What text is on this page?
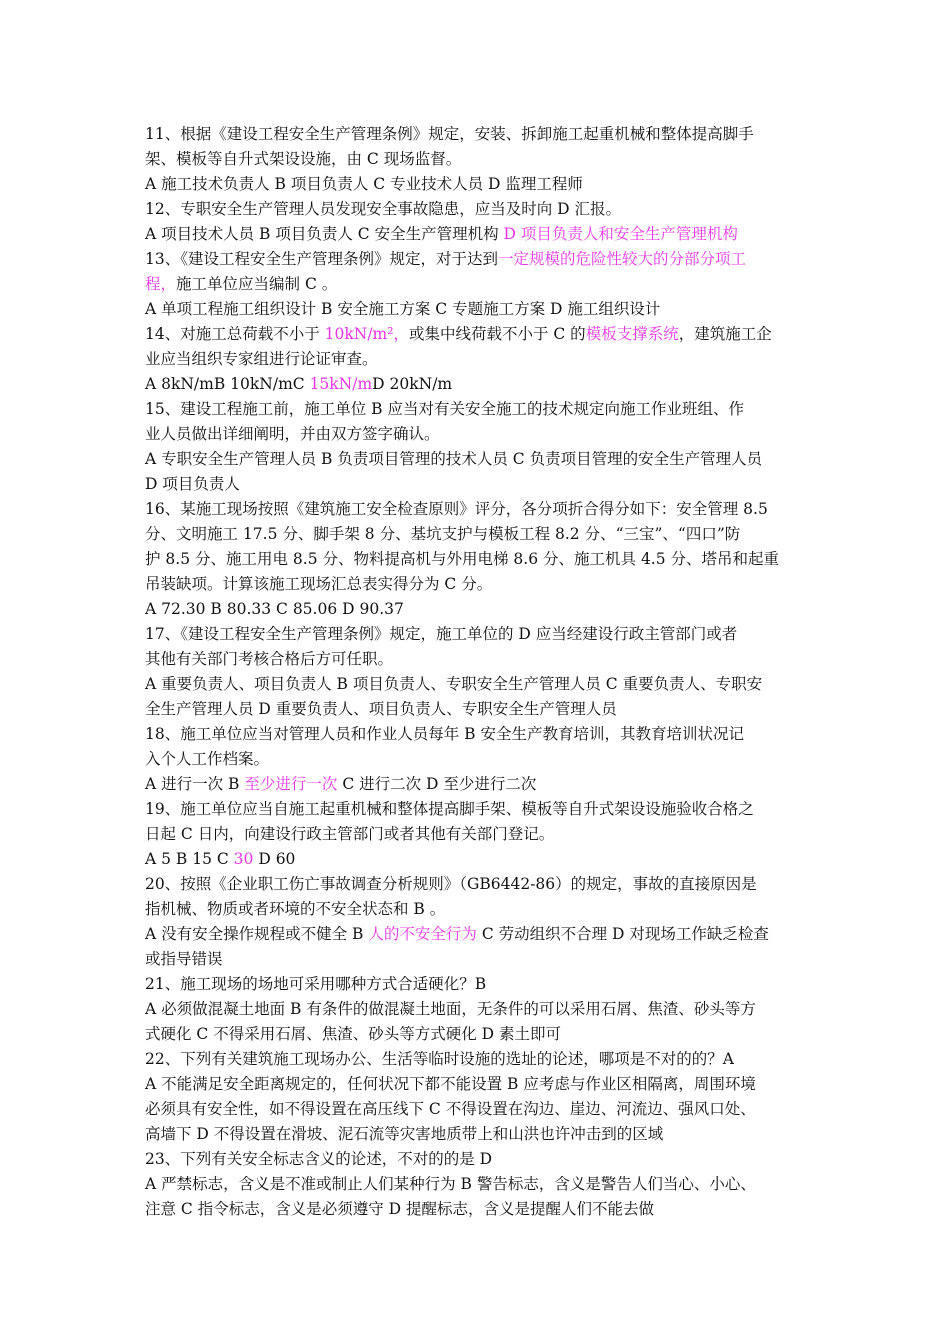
11、根据《建设工程安全生产管理条例》规定，安装、拆卸施工起重机械和整体提高脚手
架、模板等自升式架设设施，由 C 现场监督。
A 施工技术负责人 B 项目负责人 C 专业技术人员 D 监理工程师
12、专职安全生产管理人员发现安全事故隐患，应当及时向 D 汇报。
A 项目技术人员 B 项目负责人 C 安全生产管理机构 D 项目负责人和安全生产管理机构
13、《建设工程安全生产管理条例》规定，对于达到一定规模的危险性较大的分部分项工
程，施工单位应当编制 C 。
A 单项工程施工组织设计 B 安全施工方案 C 专题施工方案 D 施工组织设计
14、对施工总荷载不小于 10kN/m²，或集中线荷载不小于 C 的模板支撑系统，建筑施工企
业应当组织专家组进行论证审查。
A 8kN/mB 10kN/mC 15kN/mD 20kN/m
15、建设工程施工前，施工单位 B 应当对有关安全施工的技术规定向施工作业班组、作
业人员做出详细阐明，并由双方签字确认。
A 专职安全生产管理人员 B 负责项目管理的技术人员 C 负责项目管理的安全生产管理人员
D 项目负责人
16、某施工现场按照《建筑施工安全检查原则》评分，各分项折合得分如下：安全管理 8.5
分、文明施工 17.5 分、脚手架 8 分、基坑支护与模板工程 8.2 分、“三宝”、“四口”防
护 8.5 分、施工用电 8.5 分、物料提高机与外用电梯 8.6 分、施工机具 4.5 分、塔吊和起重
吊装缺项。计算该施工现场汇总表实得分为 C 分。
A 72.30 B 80.33 C 85.06 D 90.37
17、《建设工程安全生产管理条例》规定，施工单位的 D 应当经建设行政主管部门或者
其他有关部门考核合格后方可任职。
A 重要负责人、项目负责人 B 项目负责人、专职安全生产管理人员 C 重要负责人、专职安
全生产管理人员 D 重要负责人、项目负责人、专职安全生产管理人员
18、施工单位应当对管理人员和作业人员每年 B 安全生产教育培训，其教育培训状况记
入个人工作档案。
A 进行一次 B 至少进行一次 C 进行二次 D 至少进行二次
19、施工单位应当自施工起重机械和整体提高脚手架、模板等自升式架设设施验收合格之
日起 C 日内，向建设行政主管部门或者其他有关部门登记。
A 5 B 15 C 30 D 60
20、按照《企业职工伤亡事故调查分析规则》（GB6442-86）的规定，事故的直接原因是
指机械、物质或者环境的不安全状态和 B 。
A 没有安全操作规程或不健全 B 人的不安全行为 C 劳动组织不合理 D 对现场工作缺乏检查
或指导错误
21、施工现场的场地可采用哪种方式合适硬化？B
A 必须做混凝土地面 B 有条件的做混凝土地面，无条件的可以采用石屑、焦渣、砂头等方
式硬化 C 不得采用石屑、焦渣、砂头等方式硬化 D 素土即可
22、下列有关建筑施工现场办公、生活等临时设施的选址的论述，哪项是不对的的？A
A 不能满足安全距离规定的，任何状况下都不能设置 B 应考虑与作业区相隔离，周围环境
必须具有安全性，如不得设置在高压线下 C 不得设置在沟边、崖边、河流边、强风口处、
高墙下 D 不得设置在滑坡、泥石流等灾害地质带上和山洪也许冲击到的区域
23、下列有关安全标志含义的论述，不对的的是 D
A 严禁标志，含义是不准或制止人们某种行为 B 警告标志，含义是警告人们当心、小心、
注意 C 指令标志，含义是必须遵守 D 提醒标志，含义是提醒人们不能去做
